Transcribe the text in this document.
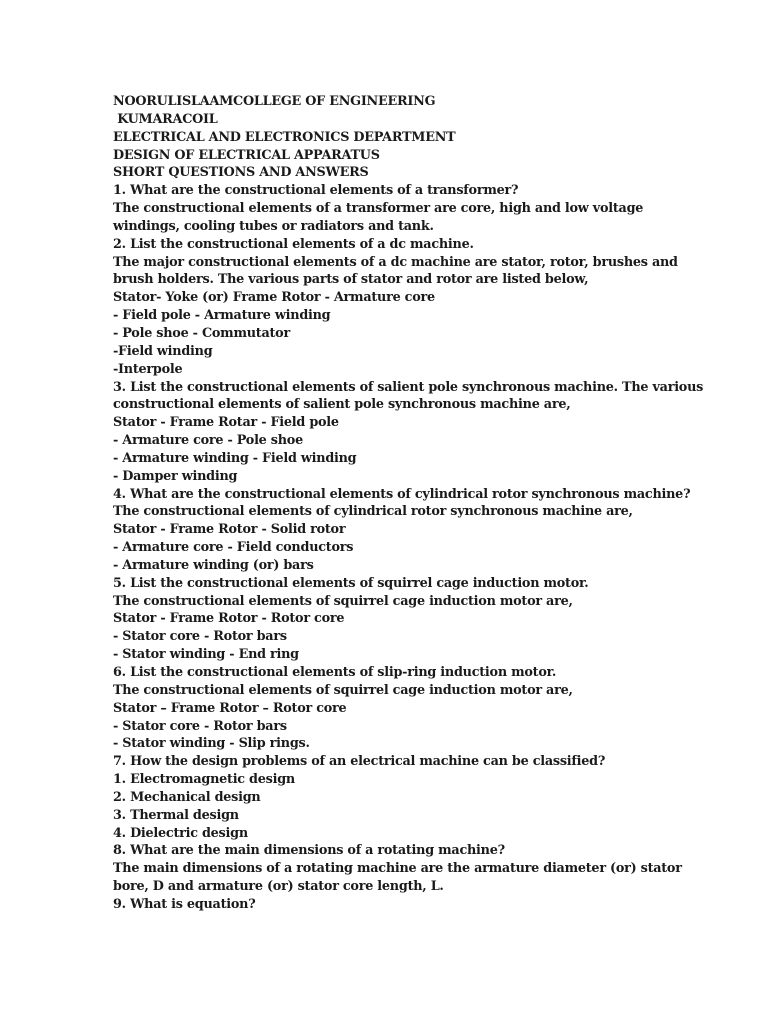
NOORULISLAAMCOLLEGE OF ENGINEERING
KUMARACOIL
ELECTRICAL AND ELECTRONICS DEPARTMENT
DESIGN OF ELECTRICAL APPARATUS
SHORT QUESTIONS AND ANSWERS
1. What are the constructional elements of a transformer?
The constructional elements of a transformer are core, high and low voltage
windings, cooling tubes or radiators and tank.
2. List the constructional elements of a dc machine.
The major constructional elements of a dc machine are stator, rotor, brushes and
brush holders. The various parts of stator and rotor are listed below,
Stator- Yoke (or) Frame Rotor - Armature core
- Field pole - Armature winding
- Pole shoe - Commutator
-Field winding
-Interpole
3. List the constructional elements of salient pole synchronous machine. The various
constructional elements of salient pole synchronous machine are,
Stator - Frame Rotar - Field pole
- Armature core - Pole shoe
- Armature winding - Field winding
- Damper winding
4. What are the constructional elements of cylindrical rotor synchronous machine?
The constructional elements of cylindrical rotor synchronous machine are,
Stator - Frame Rotor - Solid rotor
- Armature core - Field conductors
- Armature winding (or) bars
5. List the constructional elements of squirrel cage induction motor.
The constructional elements of squirrel cage induction motor are,
Stator - Frame Rotor - Rotor core
- Stator core - Rotor bars
- Stator winding - End ring
6. List the constructional elements of slip-ring induction motor.
The constructional elements of squirrel cage induction motor are,
Stator – Frame Rotor – Rotor core
- Stator core - Rotor bars
- Stator winding - Slip rings.
7. How the design problems of an electrical machine can be classified?
1. Electromagnetic design
2. Mechanical design
3. Thermal design
4. Dielectric design
8. What are the main dimensions of a rotating machine?
The main dimensions of a rotating machine are the armature diameter (or) stator
bore, D and armature (or) stator core length, L.
9. What is equation?
